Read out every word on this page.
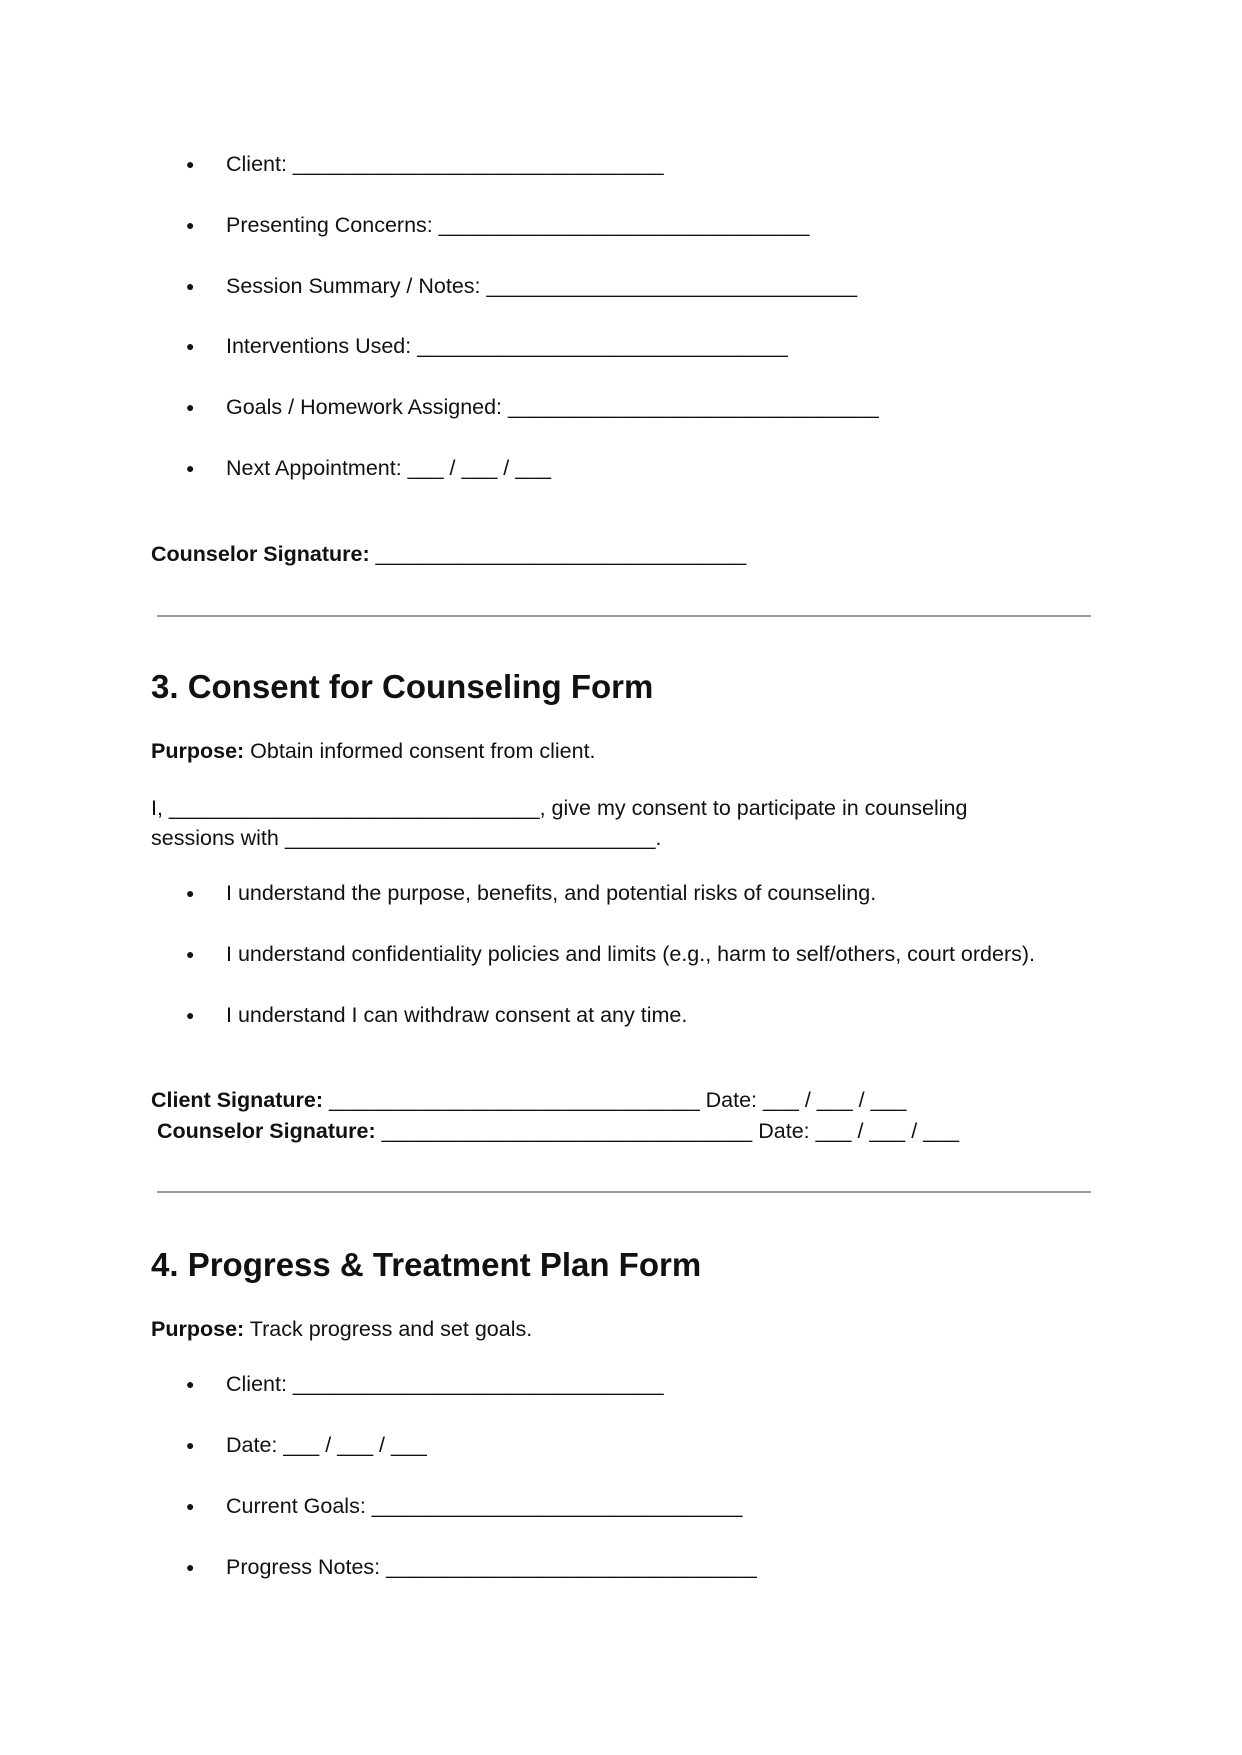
● Client: _______________________________
● Presenting Concerns: _______________________________
● Session Summary / Notes: _______________________________
● Interventions Used: _______________________________
● Goals / Homework Assigned: _______________________________
● Next Appointment: ___ / ___ / ___
Counselor Signature: _______________________________
3. Consent for Counseling Form
Purpose: Obtain informed consent from client.
I, _______________________________, give my consent to participate in counseling
sessions with _______________________________.
● I understand the purpose, benefits, and potential risks of counseling.
● I understand confidentiality policies and limits (e.g., harm to self/others, court orders).
● I understand I can withdraw consent at any time.
Client Signature: _______________________________ Date: ___ / ___ / ___
Counselor Signature: _______________________________ Date: ___ / ___ / ___
4. Progress & Treatment Plan Form
Purpose: Track progress and set goals.
● Client: _______________________________
● Date: ___ / ___ / ___
● Current Goals: _______________________________
● Progress Notes: _______________________________
